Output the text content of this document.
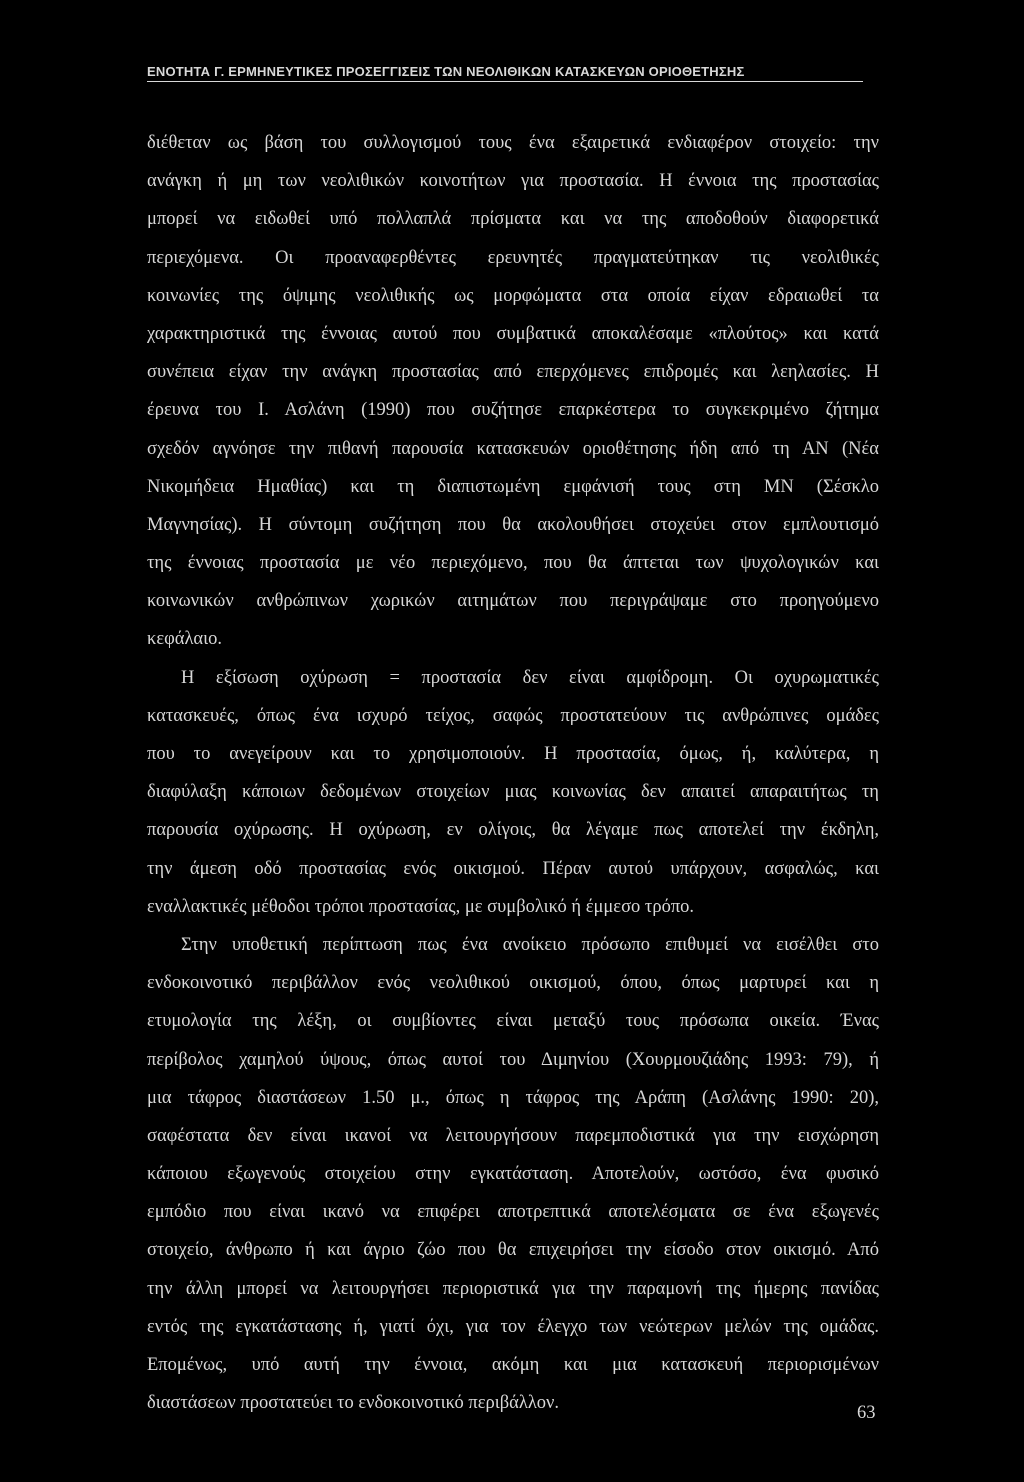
ΕΝΟΤΗΤΑ Γ. ΕΡΜΗΝΕΥΤΙΚΕΣ ΠΡΟΣΕΓΓΙΣΕΙΣ ΤΩΝ ΝΕΟΛΙΘΙΚΩΝ ΚΑΤΑΣΚΕΥΩΝ ΟΡΙΟΘΕΤΗΣΗΣ
διέθεταν ως βάση του συλλογισμού τους ένα εξαιρετικά ενδιαφέρον στοιχείο: την
ανάγκη ή μη των νεολιθικών κοινοτήτων για προστασία. Η έννοια της προστασίας
μπορεί να ειδωθεί υπό πολλαπλά πρίσματα και να της αποδοθούν διαφορετικά
περιεχόμενα. Οι προαναφερθέντες ερευνητές πραγματεύτηκαν τις νεολιθικές
κοινωνίες της όψιμης νεολιθικής ως μορφώματα στα οποία είχαν εδραιωθεί τα
χαρακτηριστικά της έννοιας αυτού που συμβατικά αποκαλέσαμε «πλούτος» και κατά
συνέπεια είχαν την ανάγκη προστασίας από επερχόμενες επιδρομές και λεηλασίες. Η
έρευνα του Ι. Ασλάνη (1990) που συζήτησε επαρκέστερα το συγκεκριμένο ζήτημα
σχεδόν αγνόησε την πιθανή παρουσία κατασκευών οριοθέτησης ήδη από τη ΑΝ (Νέα
Νικομήδεια Ημαθίας) και τη διαπιστωμένη εμφάνισή τους στη ΜΝ (Σέσκλο
Μαγνησίας). Η σύντομη συζήτηση που θα ακολουθήσει στοχεύει στον εμπλουτισμό
της έννοιας προστασία με νέο περιεχόμενο, που θα άπτεται των ψυχολογικών και
κοινωνικών ανθρώπινων χωρικών αιτημάτων που περιγράψαμε στο προηγούμενο
κεφάλαιο.
Η εξίσωση οχύρωση = προστασία δεν είναι αμφίδρομη. Οι οχυρωματικές
κατασκευές, όπως ένα ισχυρό τείχος, σαφώς προστατεύουν τις ανθρώπινες ομάδες
που το ανεγείρουν και το χρησιμοποιούν. Η προστασία, όμως, ή, καλύτερα, η
διαφύλαξη κάποιων δεδομένων στοιχείων μιας κοινωνίας δεν απαιτεί απαραιτήτως τη
παρουσία οχύρωσης. Η οχύρωση, εν ολίγοις, θα λέγαμε πως αποτελεί την έκδηλη,
την άμεση οδό προστασίας ενός οικισμού. Πέραν αυτού υπάρχουν, ασφαλώς, και
εναλλακτικές μέθοδοι τρόποι προστασίας, με συμβολικό ή έμμεσο τρόπο.
Στην υποθετική περίπτωση πως ένα ανοίκειο πρόσωπο επιθυμεί να εισέλθει στο
ενδοκοινοτικό περιβάλλον ενός νεολιθικού οικισμού, όπου, όπως μαρτυρεί και η
ετυμολογία της λέξη, οι συμβίοντες είναι μεταξύ τους πρόσωπα οικεία. Ένας
περίβολος χαμηλού ύψους, όπως αυτοί του Διμηνίου (Χουρμουζιάδης 1993: 79), ή
μια τάφρος διαστάσεων 1.50 μ., όπως η τάφρος της Αράπη (Ασλάνης 1990: 20),
σαφέστατα δεν είναι ικανοί να λειτουργήσουν παρεμποδιστικά για την εισχώρηση
κάποιου εξωγενούς στοιχείου στην εγκατάσταση. Αποτελούν, ωστόσο, ένα φυσικό
εμπόδιο που είναι ικανό να επιφέρει αποτρεπτικά αποτελέσματα σε ένα εξωγενές
στοιχείο, άνθρωπο ή και άγριο ζώο που θα επιχειρήσει την είσοδο στον οικισμό. Από
την άλλη μπορεί να λειτουργήσει περιοριστικά για την παραμονή της ήμερης πανίδας
εντός της εγκατάστασης ή, γιατί όχι, για τον έλεγχο των νεώτερων μελών της ομάδας.
Επομένως, υπό αυτή την έννοια, ακόμη και μια κατασκευή περιορισμένων
διαστάσεων προστατεύει το ενδοκοινοτικό περιβάλλον.	63
